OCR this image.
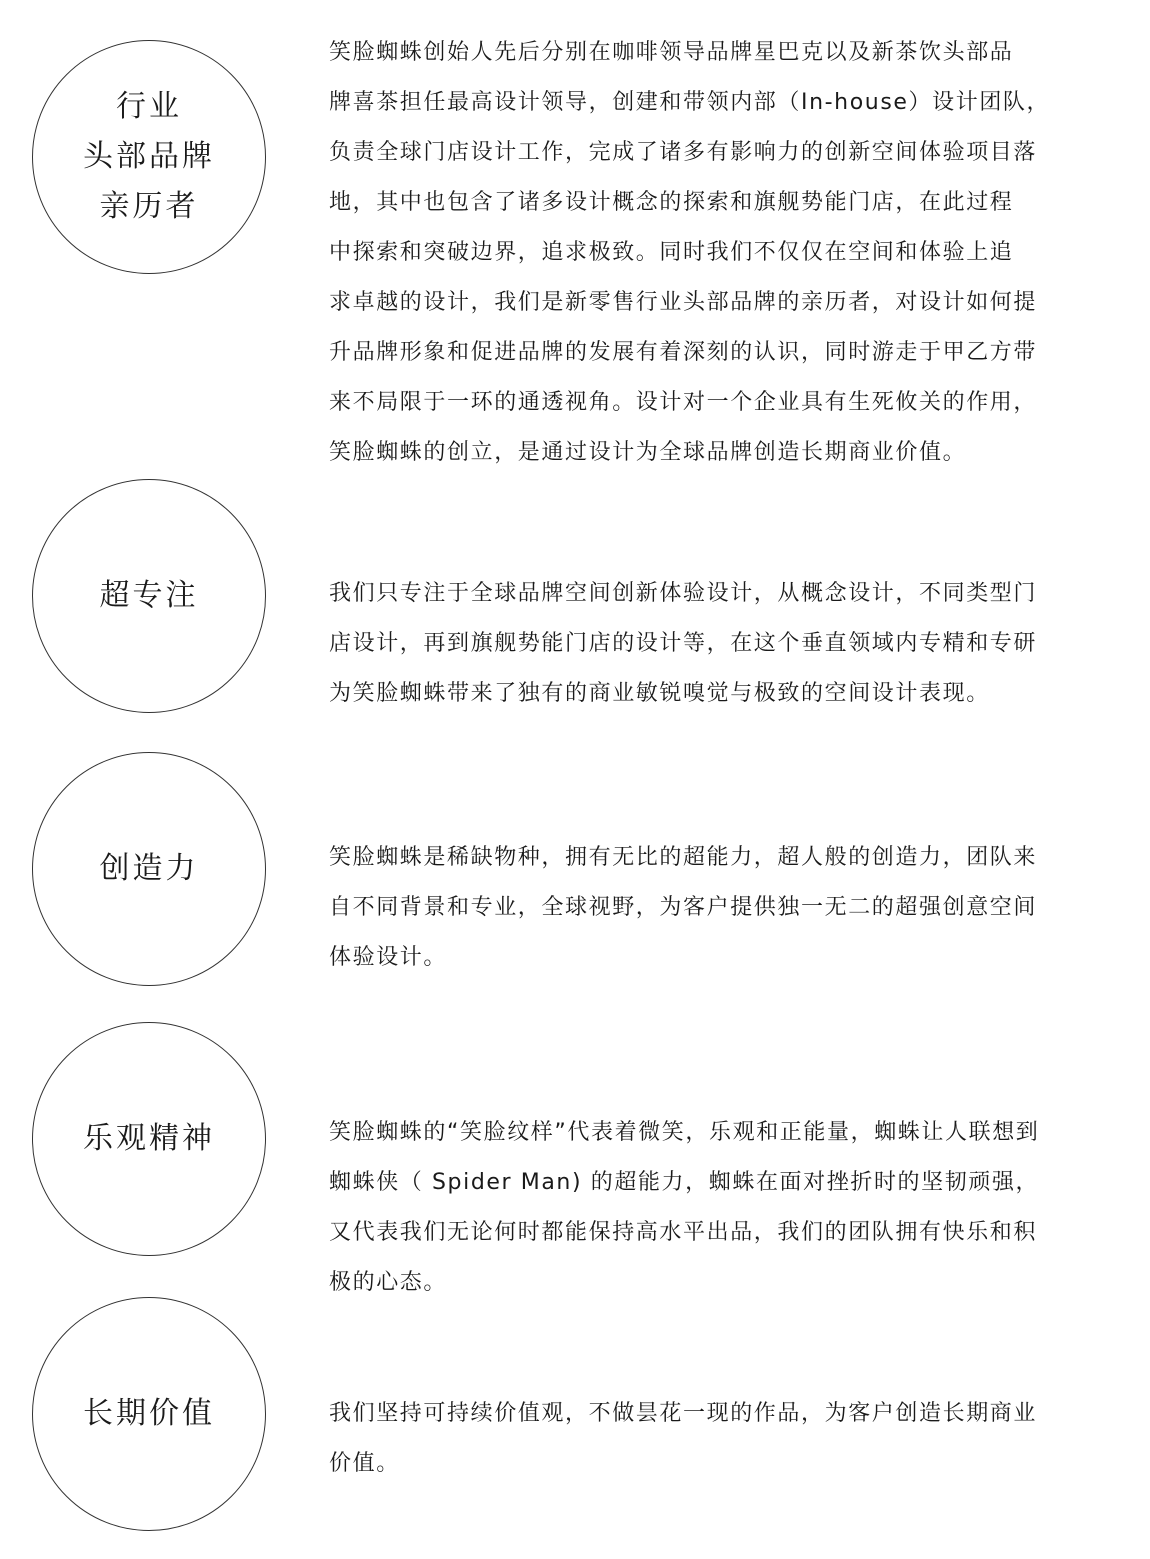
行业
头部品牌
亲历者
笑脸蜘蛛创始人先后分别在咖啡领导品牌星巴克以及新茶饮头部品
牌喜茶担任最高设计领导，创建和带领内部（In-house）设计团队，
负责全球门店设计工作，完成了诸多有影响力的创新空间体验项目落
地，其中也包含了诸多设计概念的探索和旗舰势能门店，在此过程
中探索和突破边界，追求极致。同时我们不仅仅在空间和体验上追
求卓越的设计，我们是新零售行业头部品牌的亲历者，对设计如何提
升品牌形象和促进品牌的发展有着深刻的认识，同时游走于甲乙方带
来不局限于一环的通透视角。设计对一个企业具有生死攸关的作用，
笑脸蜘蛛的创立，是通过设计为全球品牌创造长期商业价值。
超专注	我们只专注于全球品牌空间创新体验设计，从概念设计，不同类型门
店设计，再到旗舰势能门店的设计等，在这个垂直领域内专精和专研
为笑脸蜘蛛带来了独有的商业敏锐嗅觉与极致的空间设计表现。
创造力	笑脸蜘蛛是稀缺物种，拥有无比的超能力，超人般的创造力，团队来
自不同背景和专业，全球视野，为客户提供独一无二的超强创意空间
体验设计。
乐观精神	笑脸蜘蛛的“笑脸纹样”代表着微笑，乐观和正能量，蜘蛛让人联想到
蜘蛛侠（ Spider Man) 的超能力，蜘蛛在面对挫折时的坚韧顽强，
又代表我们无论何时都能保持高水平出品，我们的团队拥有快乐和积
极的心态。
长期价值	我们坚持可持续价值观，不做昙花一现的作品，为客户创造长期商业
价值。
